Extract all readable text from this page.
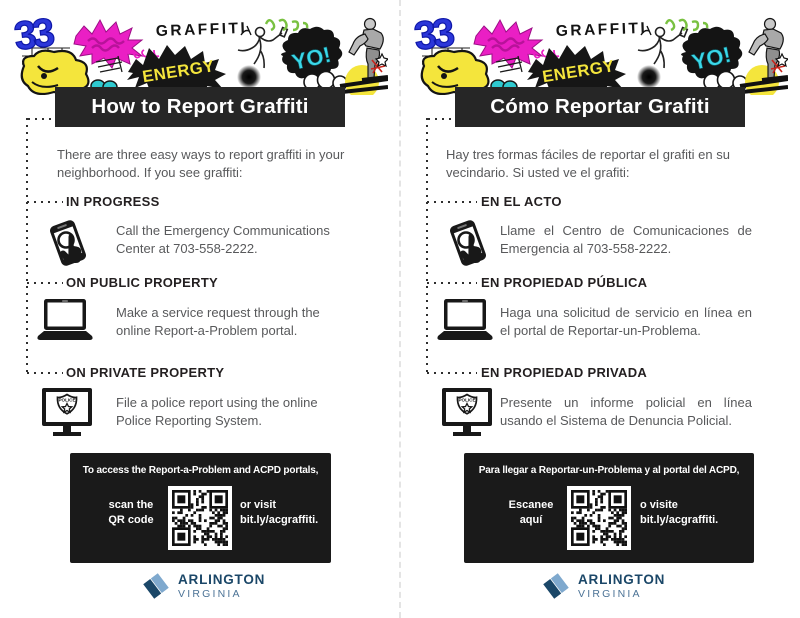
How to Report Graffiti

There are three easy ways to report graffiti in your neighborhood. If you see graffiti:

IN PROGRESS

Call the Emergency Communications Center at 703-558-2222.

ON PUBLIC PROPERTY

Make a service request through the online Report-a-Problem portal.

ON PRIVATE PROPERTY

File a police report using the online Police Reporting System.

To access the Report-a-Problem and ACPD portals,
scan the
QR code
or visit
bit.ly/acgraffiti.
ARLINGTON
VIRGINIA
Cómo Reportar Grafiti

Hay tres formas fáciles de reportar el grafiti en su vecindario. Si usted ve el grafiti:

EN EL ACTO

Llame el Centro de Comunicaciones de Emergencia al 703-558-2222.

EN PROPIEDAD PÚBLICA

Haga una solicitud de servicio en línea en el portal de Reportar-un-Problema.

EN PROPIEDAD PRIVADA

Presente un informe policial en línea usando el Sistema de Denuncia Policial.

Para llegar a Reportar-un-Problema y al portal del ACPD,
Escanee
aquí
o visite
bit.ly/acgraffiti.
ARLINGTON
VIRGINIA
